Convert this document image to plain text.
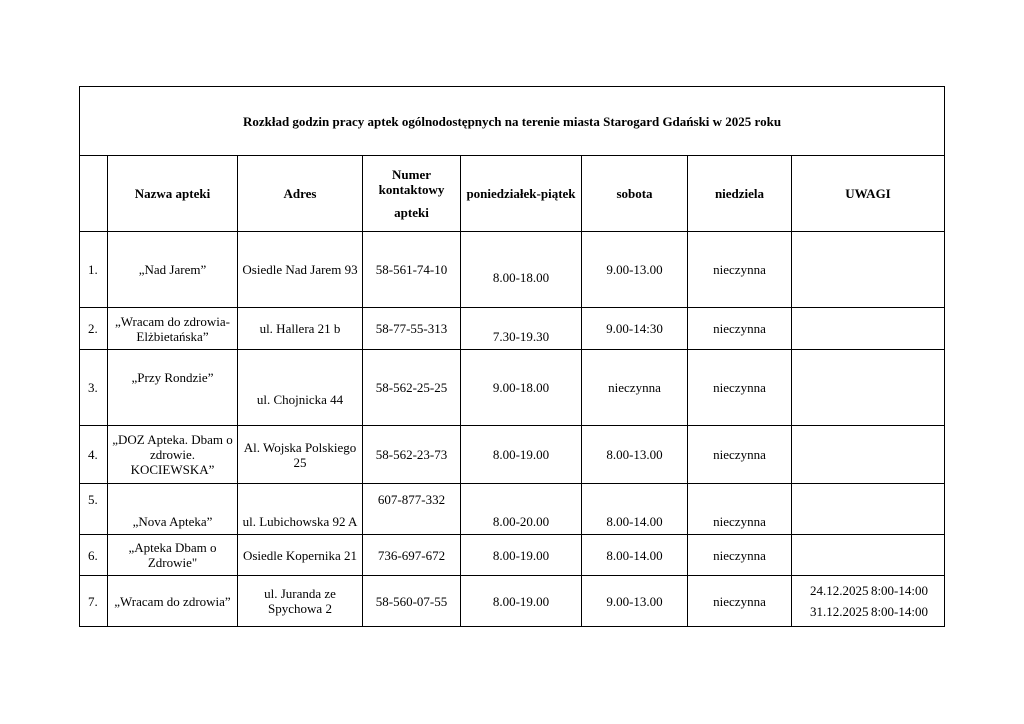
Rozkład godzin pracy aptek ogólnodostępnych na terenie miasta Starogard Gdański w 2025 roku							
	Nazwa apteki	Adres	Numer
kontaktowy
apteki	poniedziałek-piątek	sobota	niedziela	UWAGI
1.	„Nad Jarem”	Osiedle Nad Jarem 93	58-561-74-10	8.00-18.00	9.00-13.00	nieczynna	
2.	„Wracam do zdrowia-Elżbietańska”	ul. Hallera 21 b	58-77-55-313	7.30-19.30	9.00-14:30	nieczynna	
3.	„Przy Rondzie”	ul. Chojnicka 44	58-562-25-25	9.00-18.00	nieczynna	nieczynna	
4.	„DOZ Apteka. Dbam o zdrowie. KOCIEWSKA”	Al. Wojska Polskiego 25	58-562-23-73	8.00-19.00	8.00-13.00	nieczynna	
5.	„Nova Apteka”	ul. Lubichowska 92 A	607-877-332	8.00-20.00	8.00-14.00	nieczynna	
6.	„Apteka Dbam o Zdrowie"	Osiedle Kopernika 21	736-697-672	8.00-19.00	8.00-14.00	nieczynna	
7.	„Wracam do zdrowia”	ul. Juranda ze Spychowa 2	58-560-07-55	8.00-19.00	9.00-13.00	nieczynna	24.12.2025 8:00-14:00
31.12.2025 8:00-14:00
